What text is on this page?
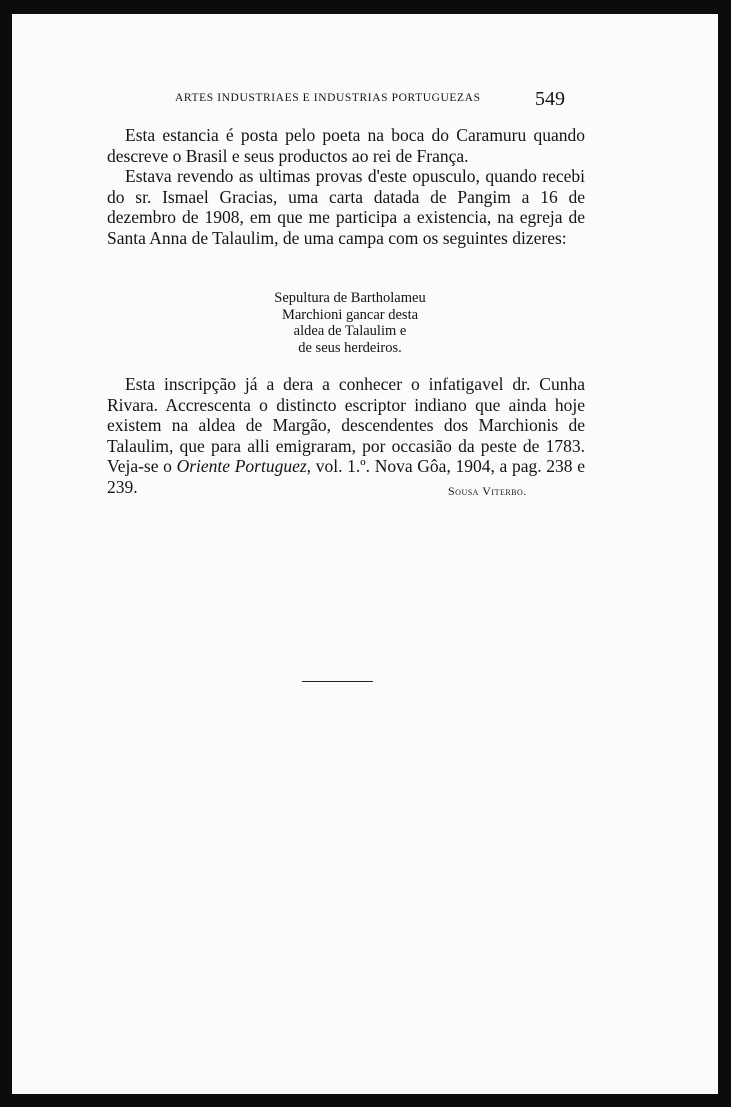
ARTES INDUSTRIAES E INDUSTRIAS PORTUGUEZAS	549

Esta estancia é posta pelo poeta na boca do Caramuru quando descreve o Brasil e seus productos ao rei de França.

Estava revendo as ultimas provas d'este opusculo, quando recebi do sr. Ismael Gracias, uma carta datada de Pangim a 16 de dezembro de 1908, em que me participa a existencia, na egreja de Santa Anna de Talaulim, de uma campa com os seguintes dizeres:

Sepultura de Bartholameu
Marchioni gancar desta
aldea de Talaulim e
de seus herdeiros.

Esta inscripção já a dera a conhecer o infatigavel dr. Cunha Rivara. Accrescenta o distincto escriptor indiano que ainda hoje existem na aldea de Margão, descendentes dos Marchionis de Talaulim, que para alli emigraram, por occasião da peste de 1783. Veja-se o Oriente Portuguez, vol. 1.º. Nova Gôa, 1904, a pag. 238 e 239.	Sousa Viterbo.
